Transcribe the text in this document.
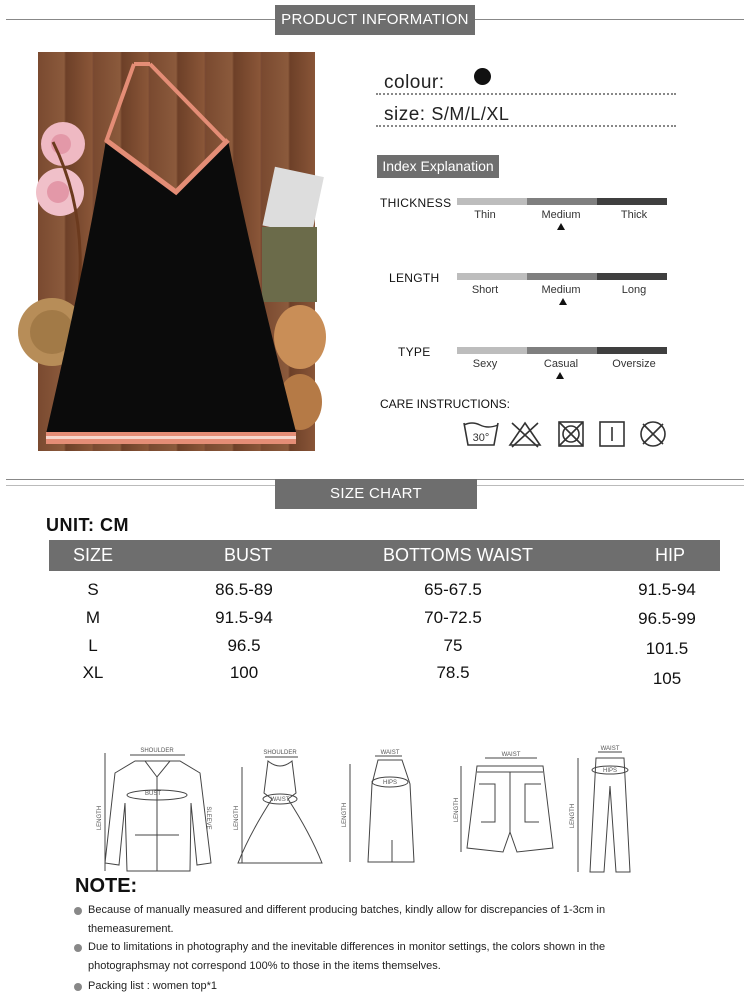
PRODUCT INFORMATION
colour:
size: S/M/L/XL
Index Explanation
THICKNESS
Thin	Medium	Thick
LENGTH
Short	Medium	Long
TYPE
Sexy	Casual	Oversize
CARE INSTRUCTIONS:
30°
SIZE CHART
UNIT: CM
SIZE	BUST	BOTTOMS WAIST	HIP
S	86.5-89	65-67.5	91.5-94
M	91.5-94	70-72.5	96.5-99
L	96.5	75	101.5
XL	100	78.5	105
SHOULDER
BUST
LENGTH	SLEEVE
SHOULDER
WAIST
LENGTH
WAIST
HIPS
LENGTH
WAIST
LENGTH
WAIST
HIPS
LENGTH
NOTE:
Because of manually measured and different producing batches, kindly allow for discrepancies of 1-3cm in themeasurement.
Due to limitations in photography and the inevitable differences in monitor settings, the colors shown in the photographsmay not correspond 100% to those in the items themselves.
Packing list : women top*1
